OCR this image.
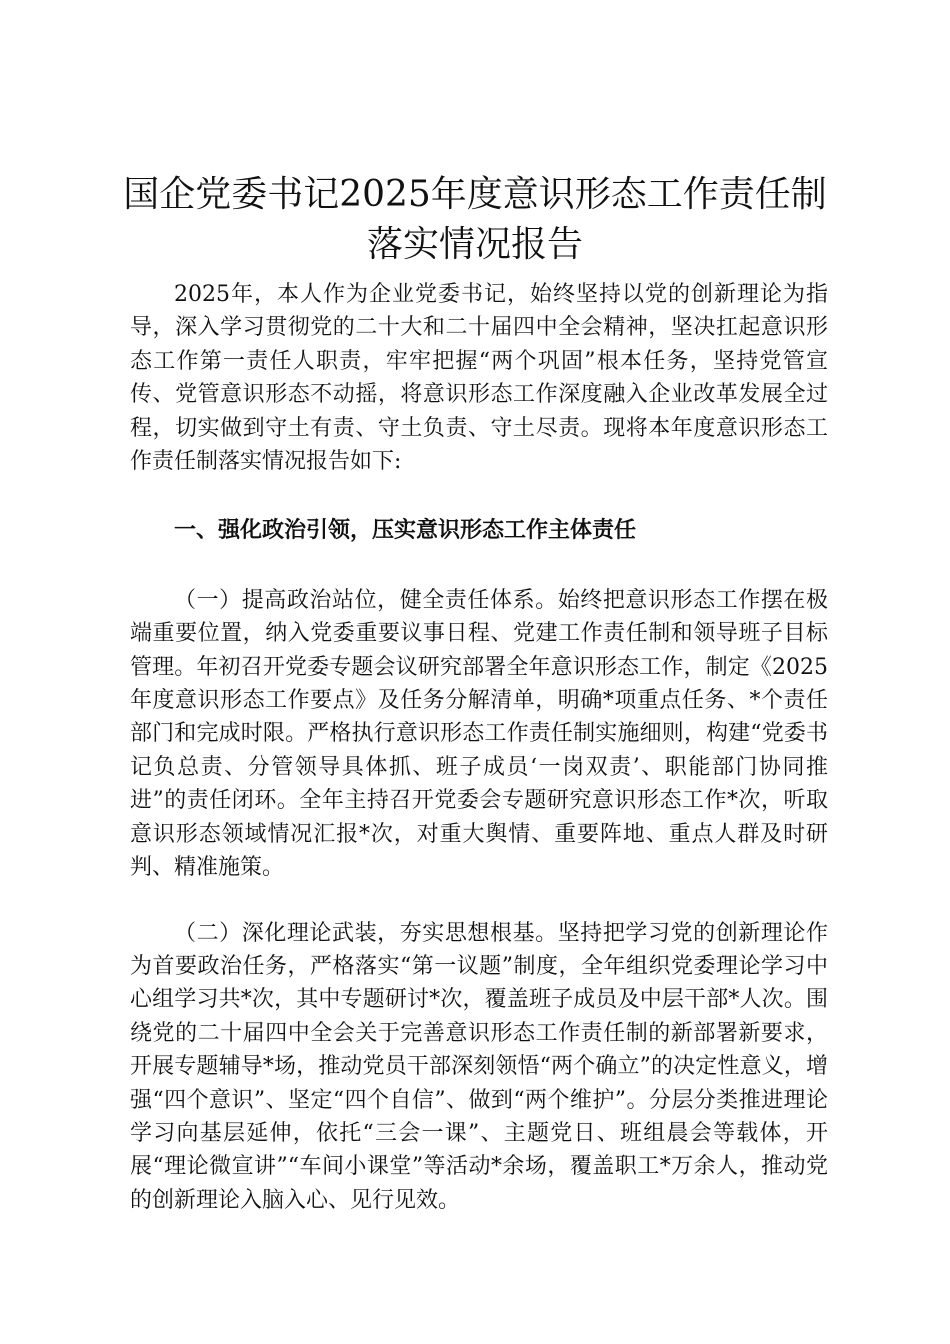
国企党委书记2025年度意识形态工作责任制
落实情况报告

2025年，本人作为企业党委书记，始终坚持以党的创新理论为指导，深入学习贯彻党的二十大和二十届四中全会精神，坚决扛起意识形态工作第一责任人职责，牢牢把握“两个巩固”根本任务，坚持党管宣传、党管意识形态不动摇，将意识形态工作深度融入企业改革发展全过程，切实做到守土有责、守土负责、守土尽责。现将本年度意识形态工作责任制落实情况报告如下:

一、强化政治引领，压实意识形态工作主体责任

（一）提高政治站位，健全责任体系。始终把意识形态工作摆在极端重要位置，纳入党委重要议事日程、党建工作责任制和领导班子目标管理。年初召开党委专题会议研究部署全年意识形态工作，制定《2025年度意识形态工作要点》及任务分解清单，明确*项重点任务、*个责任部门和完成时限。严格执行意识形态工作责任制实施细则，构建“党委书记负总责、分管领导具体抓、班子成员‘一岗双责’、职能部门协同推进”的责任闭环。全年主持召开党委会专题研究意识形态工作*次，听取意识形态领域情况汇报*次，对重大舆情、重要阵地、重点人群及时研判、精准施策。

（二）深化理论武装，夯实思想根基。坚持把学习党的创新理论作为首要政治任务，严格落实“第一议题”制度，全年组织党委理论学习中心组学习共*次，其中专题研讨*次，覆盖班子成员及中层干部*人次。围绕党的二十届四中全会关于完善意识形态工作责任制的新部署新要求，开展专题辅导*场，推动党员干部深刻领悟“两个确立”的决定性意义，增强“四个意识”、坚定“四个自信”、做到“两个维护”。分层分类推进理论学习向基层延伸，依托“三会一课”、主题党日、班组晨会等载体，开展“理论微宣讲”“车间小课堂”等活动*余场，覆盖职工*万余人，推动党的创新理论入脑入心、见行见效。
